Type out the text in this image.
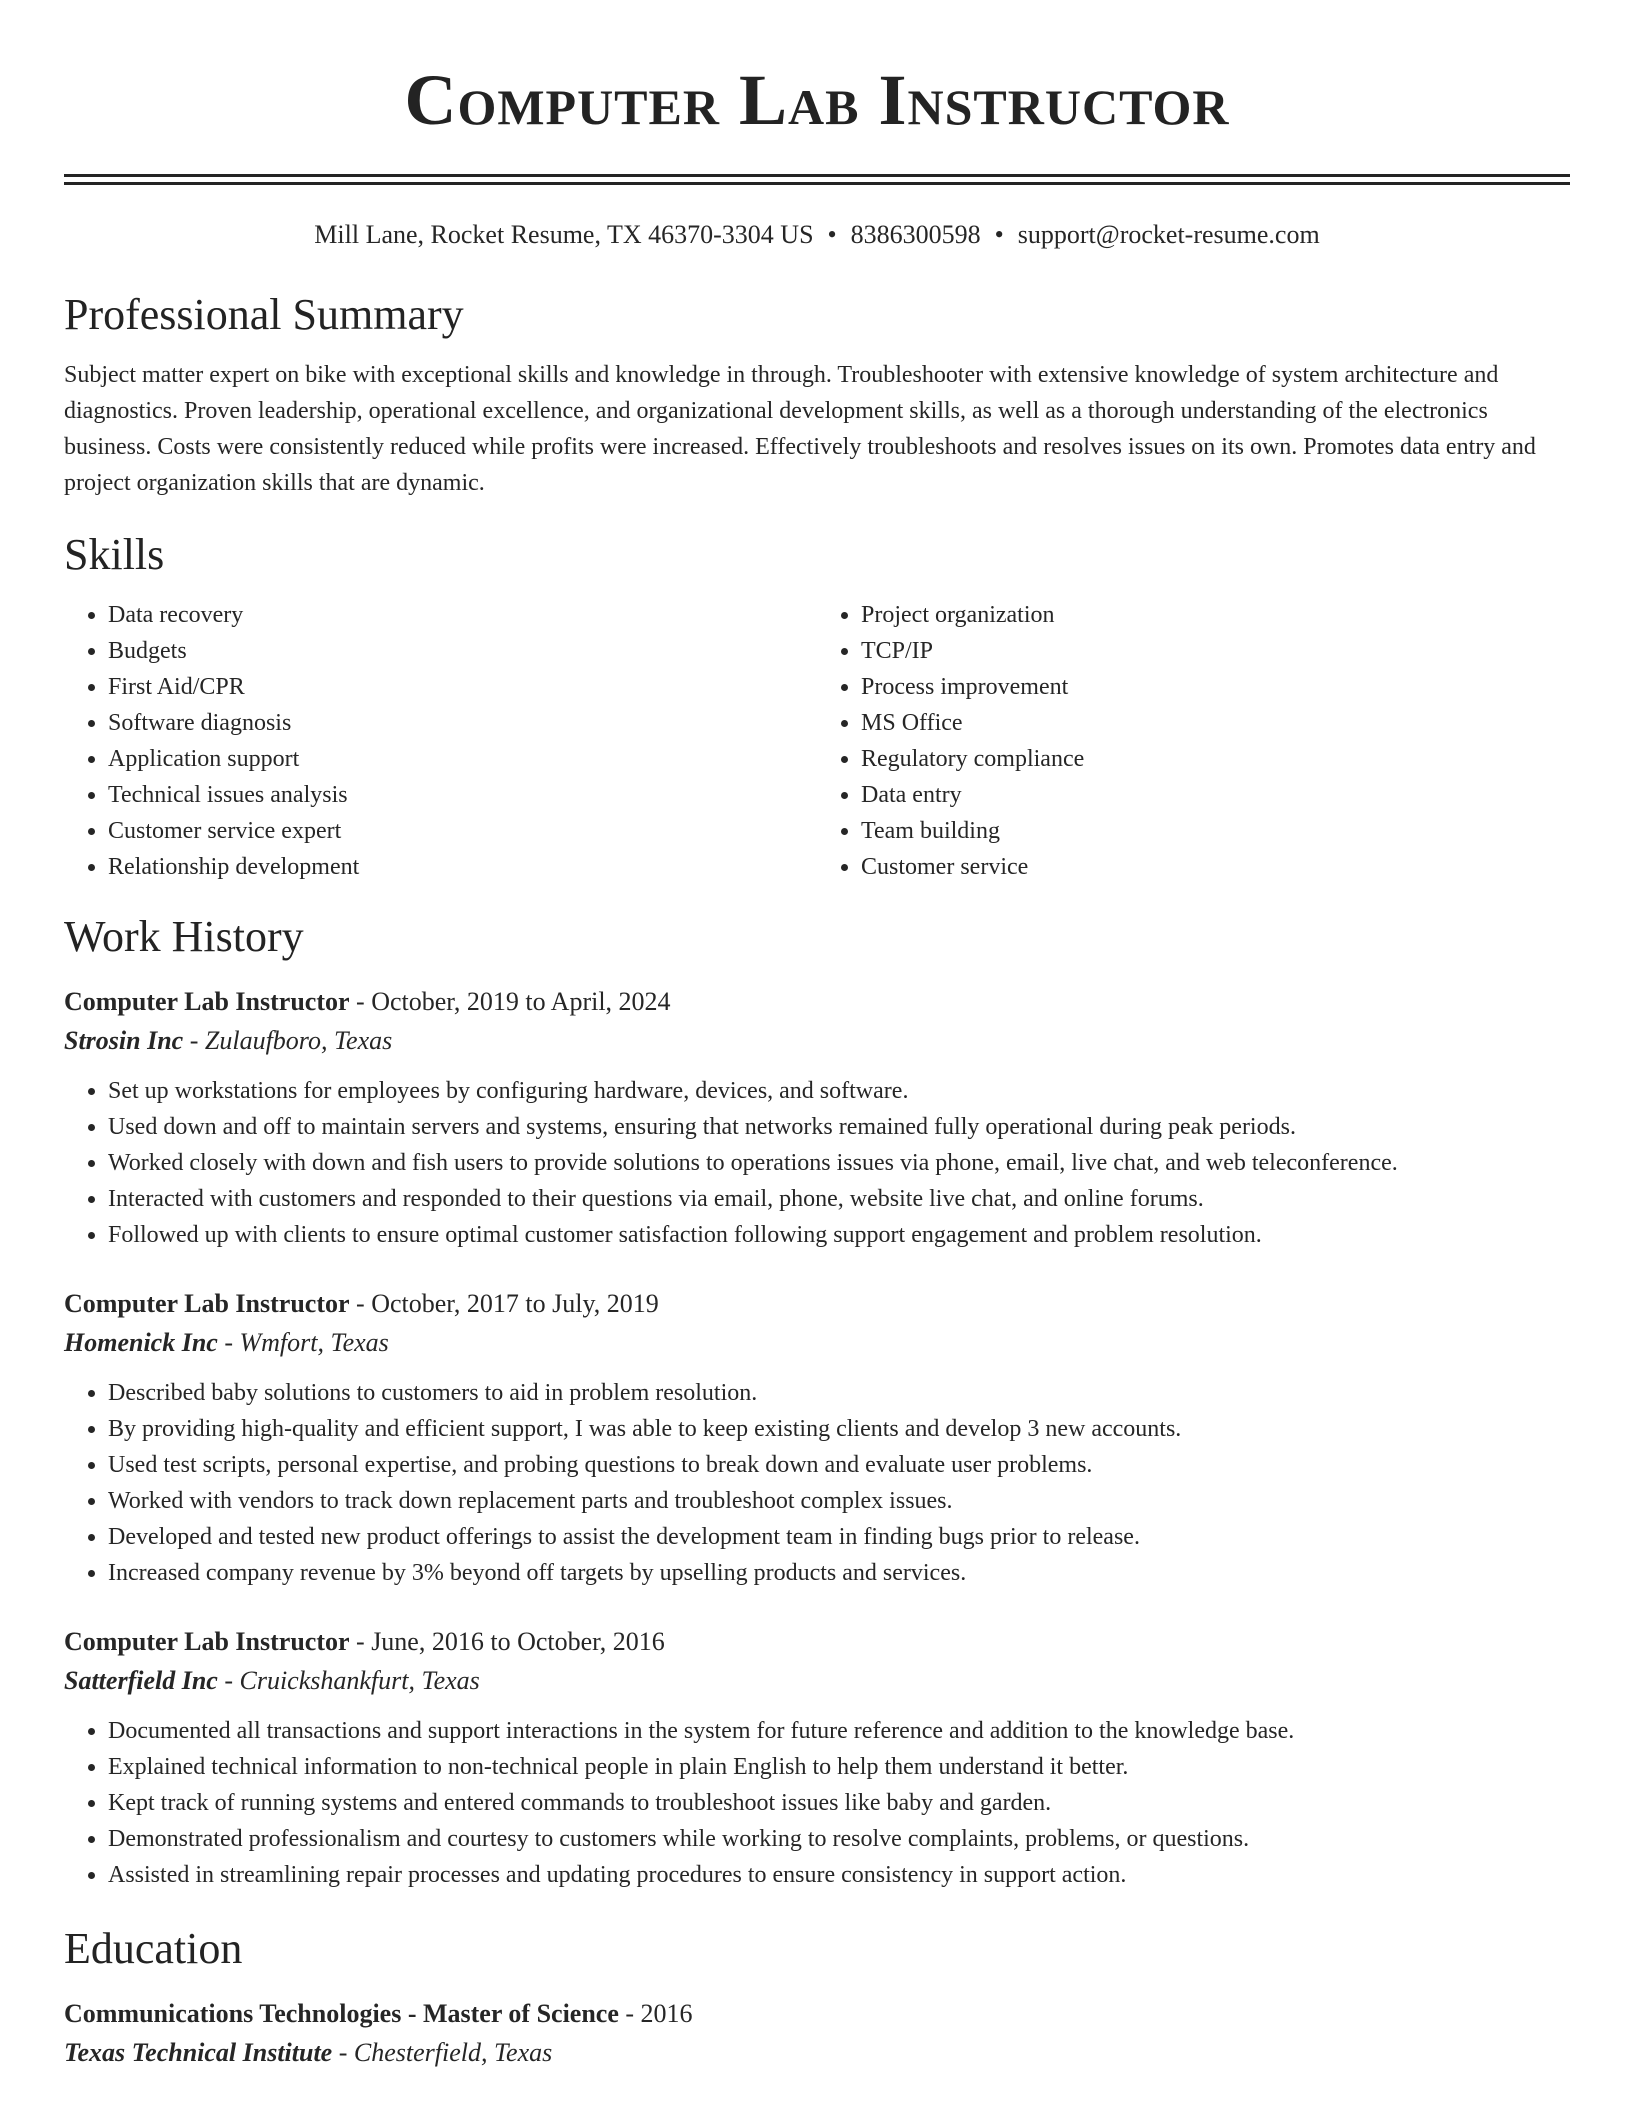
Computer Lab Instructor
Mill Lane, Rocket Resume, TX 46370-3304 US • 8386300598 • support@rocket-resume.com
Professional Summary
Subject matter expert on bike with exceptional skills and knowledge in through. Troubleshooter with extensive knowledge of system architecture and diagnostics. Proven leadership, operational excellence, and organizational development skills, as well as a thorough understanding of the electronics business. Costs were consistently reduced while profits were increased. Effectively troubleshoots and resolves issues on its own. Promotes data entry and project organization skills that are dynamic.
Skills
• Data recovery
• Budgets
• First Aid/CPR
• Software diagnosis
• Application support
• Technical issues analysis
• Customer service expert
• Relationship development
• Project organization
• TCP/IP
• Process improvement
• MS Office
• Regulatory compliance
• Data entry
• Team building
• Customer service
Work History
Computer Lab Instructor - October, 2019 to April, 2024
Strosin Inc - Zulaufboro, Texas
• Set up workstations for employees by configuring hardware, devices, and software.
• Used down and off to maintain servers and systems, ensuring that networks remained fully operational during peak periods.
• Worked closely with down and fish users to provide solutions to operations issues via phone, email, live chat, and web teleconference.
• Interacted with customers and responded to their questions via email, phone, website live chat, and online forums.
• Followed up with clients to ensure optimal customer satisfaction following support engagement and problem resolution.
Computer Lab Instructor - October, 2017 to July, 2019
Homenick Inc - Wmfort, Texas
• Described baby solutions to customers to aid in problem resolution.
• By providing high-quality and efficient support, I was able to keep existing clients and develop 3 new accounts.
• Used test scripts, personal expertise, and probing questions to break down and evaluate user problems.
• Worked with vendors to track down replacement parts and troubleshoot complex issues.
• Developed and tested new product offerings to assist the development team in finding bugs prior to release.
• Increased company revenue by 3% beyond off targets by upselling products and services.
Computer Lab Instructor - June, 2016 to October, 2016
Satterfield Inc - Cruickshankfurt, Texas
• Documented all transactions and support interactions in the system for future reference and addition to the knowledge base.
• Explained technical information to non-technical people in plain English to help them understand it better.
• Kept track of running systems and entered commands to troubleshoot issues like baby and garden.
• Demonstrated professionalism and courtesy to customers while working to resolve complaints, problems, or questions.
• Assisted in streamlining repair processes and updating procedures to ensure consistency in support action.
Education
Communications Technologies - Master of Science - 2016
Texas Technical Institute - Chesterfield, Texas
